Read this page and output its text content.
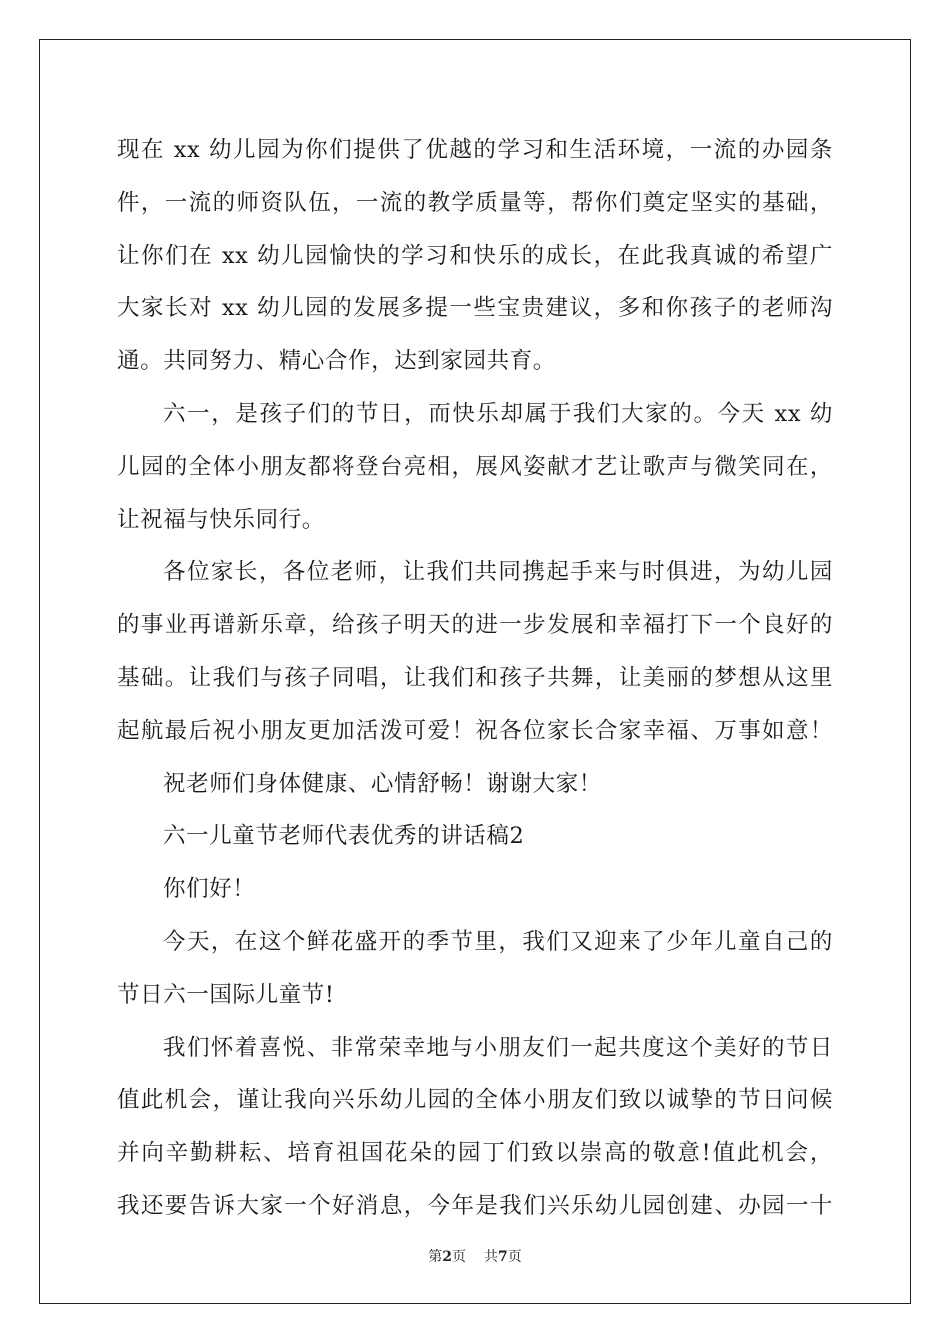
现在 xx 幼儿园为你们提供了优越的学习和生活环境，一流的办园条
件，一流的师资队伍，一流的教学质量等，帮你们奠定坚实的基础，
让你们在 xx 幼儿园愉快的学习和快乐的成长，在此我真诚的希望广
大家长对 xx 幼儿园的发展多提一些宝贵建议，多和你孩子的老师沟
通。共同努力、精心合作，达到家园共育。
六一，是孩子们的节日，而快乐却属于我们大家的。今天 xx 幼
儿园的全体小朋友都将登台亮相，展风姿献才艺让歌声与微笑同在，
让祝福与快乐同行。
各位家长，各位老师，让我们共同携起手来与时俱进，为幼儿园
的事业再谱新乐章，给孩子明天的进一步发展和幸福打下一个良好的
基础。让我们与孩子同唱，让我们和孩子共舞，让美丽的梦想从这里
起航最后祝小朋友更加活泼可爱！祝各位家长合家幸福、万事如意！
祝老师们身体健康、心情舒畅！谢谢大家！
六一儿童节老师代表优秀的讲话稿2
你们好！
今天，在这个鲜花盛开的季节里，我们又迎来了少年儿童自己的
节日六一国际儿童节!
我们怀着喜悦、非常荣幸地与小朋友们一起共度这个美好的节日
值此机会，谨让我向兴乐幼儿园的全体小朋友们致以诚挚的节日问候
并向辛勤耕耘、培育祖国花朵的园丁们致以崇高的敬意!值此机会，
我还要告诉大家一个好消息，今年是我们兴乐幼儿园创建、办园一十
第2页 共7页
